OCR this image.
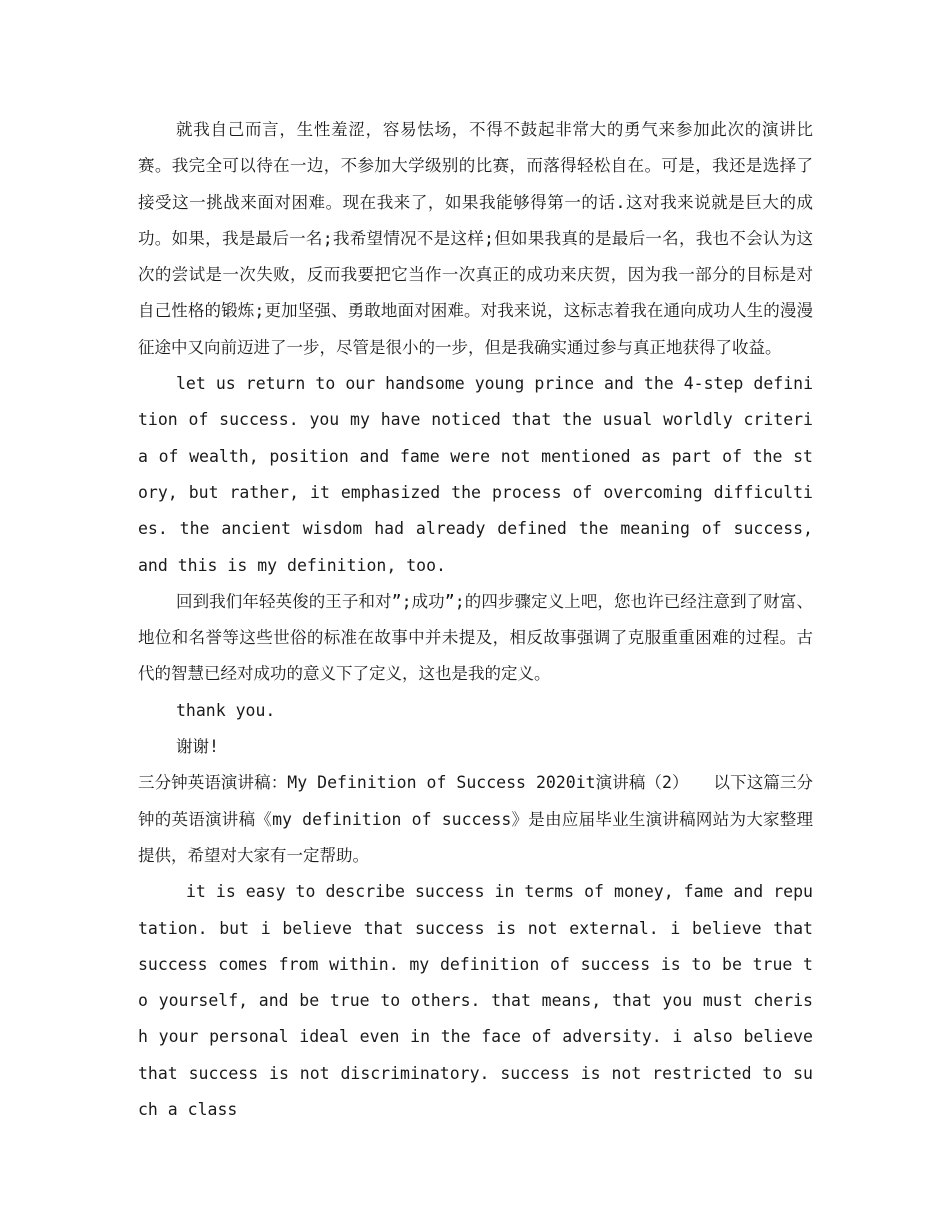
就我自己而言，生性羞涩，容易怯场，不得不鼓起非常大的勇气来参加此次的演讲比赛。我完全可以待在一边，不参加大学级别的比赛，而落得轻松自在。可是，我还是选择了接受这一挑战来面对困难。现在我来了，如果我能够得第一的话.这对我来说就是巨大的成功。如果，我是最后一名;我希望情况不是这样;但如果我真的是最后一名，我也不会认为这次的尝试是一次失败，反而我要把它当作一次真正的成功来庆贺，因为我一部分的目标是对自己性格的锻炼;更加坚强、勇敢地面对困难。对我来说，这标志着我在通向成功人生的漫漫征途中又向前迈进了一步，尽管是很小的一步，但是我确实通过参与真正地获得了收益。

let us return to our handsome young prince and the 4-step definition of success. you my have noticed that the usual worldly criteria of wealth, position and fame were not mentioned as part of the story, but rather, it emphasized the process of overcoming difficulties. the ancient wisdom had already defined the meaning of success, and this is my definition, too.

回到我们年轻英俊的王子和对”;成功”;的四步骤定义上吧，您也许已经注意到了财富、地位和名誉等这些世俗的标准在故事中并未提及，相反故事强调了克服重重困难的过程。古代的智慧已经对成功的意义下了定义，这也是我的定义。

thank you.

谢谢!

三分钟英语演讲稿：My Definition of Success 2020it演讲稿（2）　　以下这篇三分钟的英语演讲稿《my definition of success》是由应届毕业生演讲稿网站为大家整理提供，希望对大家有一定帮助。

it is easy to describe success in terms of money, fame and reputation. but i believe that success is not external. i believe that success comes from within. my definition of success is to be true to yourself, and be true to others. that means, that you must cherish your personal ideal even in the face of adversity. i also believe that success is not discriminatory. success is not restricted to such a class
